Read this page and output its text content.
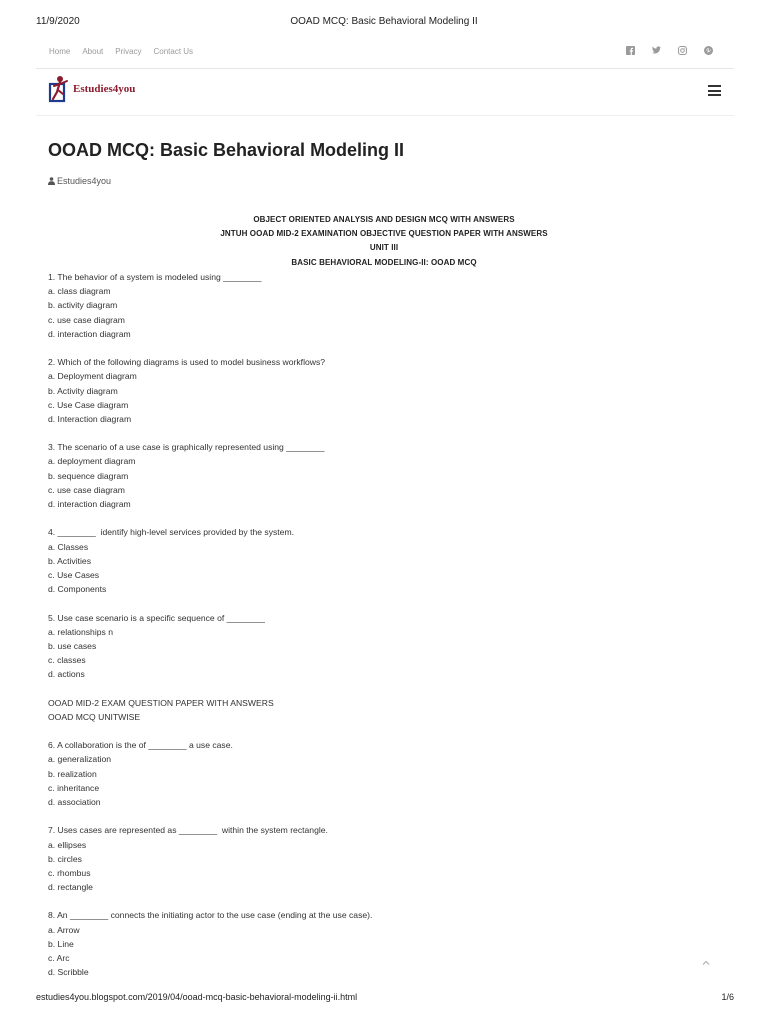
11/9/2020	OOAD MCQ: Basic Behavioral Modeling II
Home About Privacy Contact Us
Estudies4you
OOAD MCQ: Basic Behavioral Modeling II
Estudies4you
OBJECT ORIENTED ANALYSIS AND DESIGN MCQ WITH ANSWERS
JNTUH OOAD MID-2 EXAMINATION OBJECTIVE QUESTION PAPER WITH ANSWERS
UNIT III
BASIC BEHAVIORAL MODELING-II: OOAD MCQ
1. The behavior of a system is modeled using ________
a. class diagram
b. activity diagram
c. use case diagram
d. interaction diagram
2. Which of the following diagrams is used to model business workflows?
a. Deployment diagram
b. Activity diagram
c. Use Case diagram
d. Interaction diagram
3. The scenario of a use case is graphically represented using ________
a. deployment diagram
b. sequence diagram
c. use case diagram
d. interaction diagram
4. ________  identify high-level services provided by the system.
a. Classes
b. Activities
c. Use Cases
d. Components
5. Use case scenario is a specific sequence of ________
a. relationships n
b. use cases
c. classes
d. actions
OOAD MID-2 EXAM QUESTION PAPER WITH ANSWERS
OOAD MCQ UNITWISE
6. A collaboration is the of ________ a use case.
a. generalization
b. realization
c. inheritance
d. association
7. Uses cases are represented as ________  within the system rectangle.
a. ellipses
b. circles
c. rhombus
d. rectangle
8. An ________ connects the initiating actor to the use case (ending at the use case).
a. Arrow
b. Line
c. Arc
d. Scribble
estudies4you.blogspot.com/2019/04/ooad-mcq-basic-behavioral-modeling-ii.html	1/6
